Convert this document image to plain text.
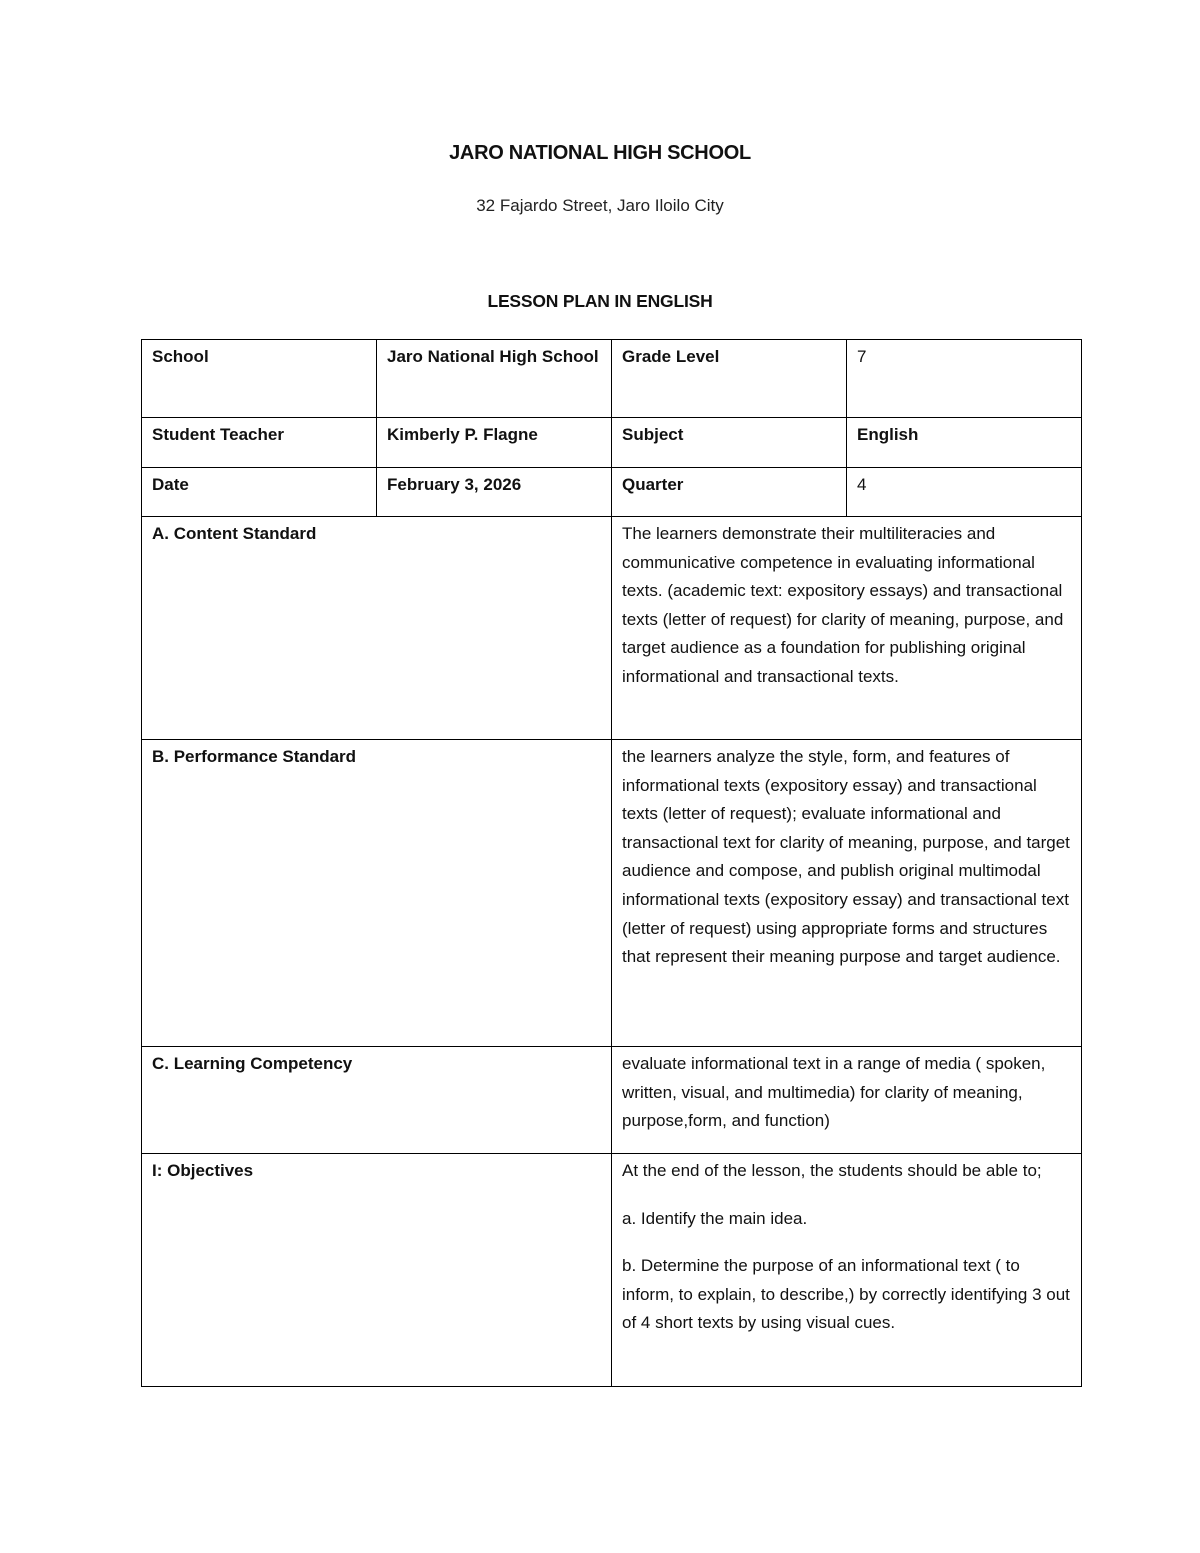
JARO NATIONAL HIGH SCHOOL
32 Fajardo Street, Jaro Iloilo City
LESSON PLAN IN ENGLISH
School	Jaro National High School	Grade Level	7
Student Teacher	Kimberly P. Flagne	Subject	English
Date	February 3, 2026	Quarter	4
A. Content Standard		The learners demonstrate their multiliteracies and communicative competence in evaluating informational texts. (academic text: expository essays) and transactional texts (letter of request) for clarity of meaning, purpose, and target audience as a foundation for publishing original informational and transactional texts.	
B. Performance Standard		the learners analyze the style, form, and features of informational texts (expository essay) and transactional texts (letter of request); evaluate informational and transactional text for clarity of meaning, purpose, and target audience and compose, and publish original multimodal informational texts (expository essay) and transactional text (letter of request) using appropriate forms and structures that represent their meaning purpose and target audience.	
C. Learning Competency		evaluate informational text in a range of media ( spoken, written, visual, and multimedia) for clarity of meaning, purpose,form, and function)	
I: Objectives		At the end of the lesson, the students should be able to;

a. Identify the main idea.

b. Determine the purpose of an informational text ( to inform, to explain, to describe,) by correctly identifying 3 out of 4 short texts by using visual cues.	
